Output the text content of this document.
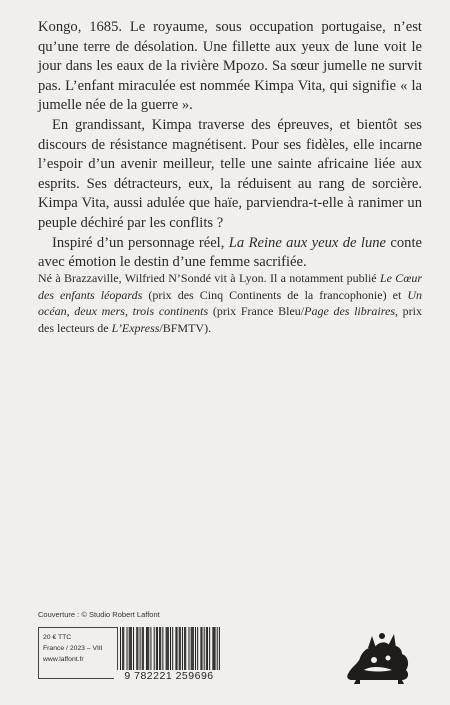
Kongo, 1685. Le royaume, sous occupation portugaise, n’est qu’une terre de désolation. Une fillette aux yeux de lune voit le jour dans les eaux de la rivière Mpozo. Sa sœur jumelle ne survit pas. L’enfant miraculée est nommée Kimpa Vita, qui signifie « la jumelle née de la guerre ».

En grandissant, Kimpa traverse des épreuves, et bientôt ses discours de résistance magnétisent. Pour ses fidèles, elle incarne l’espoir d’un avenir meilleur, telle une sainte africaine liée aux esprits. Ses détracteurs, eux, la réduisent au rang de sorcière. Kimpa Vita, aussi adulée que haïe, parviendra-t-elle à ranimer un peuple déchiré par les conflits ?

Inspiré d’un personnage réel, La Reine aux yeux de lune conte avec émotion le destin d’une femme sacrifiée.

Né à Brazzaville, Wilfried N’Sondé vit à Lyon. Il a notamment publié Le Cœur des enfants léopards (prix des Cinq Continents de la francophonie) et Un océan, deux mers, trois continents (prix France Bleu/Page des libraires, prix des lecteurs de L’Express/BFMTV).

Couverture : © Studio Robert Laffont
20 € TTC
France / 2023 – VIII
www.laffont.fr
9 782221 259696
